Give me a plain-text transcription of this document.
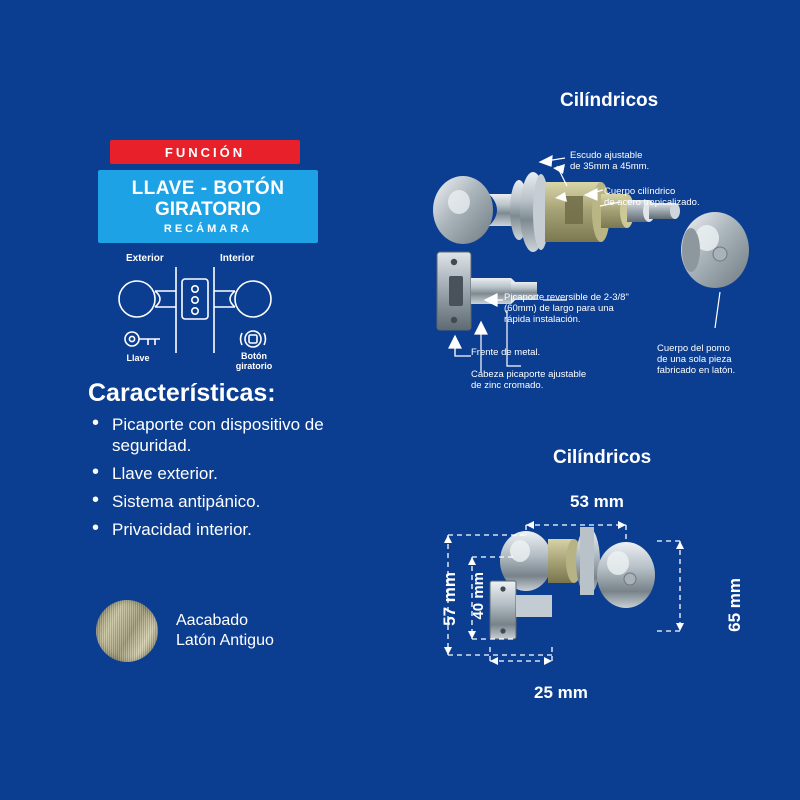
FUNCIÓN
LLAVE - BOTÓN
GIRATORIO
RECÁMARA
Exterior	Interior
Llave	Botón
giratorio
Características:
• Picaporte con dispositivo de seguridad.
• Llave exterior.
• Sistema antipánico.
• Privacidad interior.
Aacabado
Latón Antiguo
Cilíndricos
Escudo ajustable
de 35mm a 45mm.
Cuerpo cilíndrico
de acero tropicalizado.
Picaporte reversible de 2-3/8"
(60mm) de largo para una
rápida instalación.
Frente de metal.
Cabeza picaporte ajustable
de zinc cromado.
Cuerpo del pomo
de una sola pieza
fabricado en latón.
Cilíndricos
53 mm
57 mm 40 mm
25 mm
65 mm
